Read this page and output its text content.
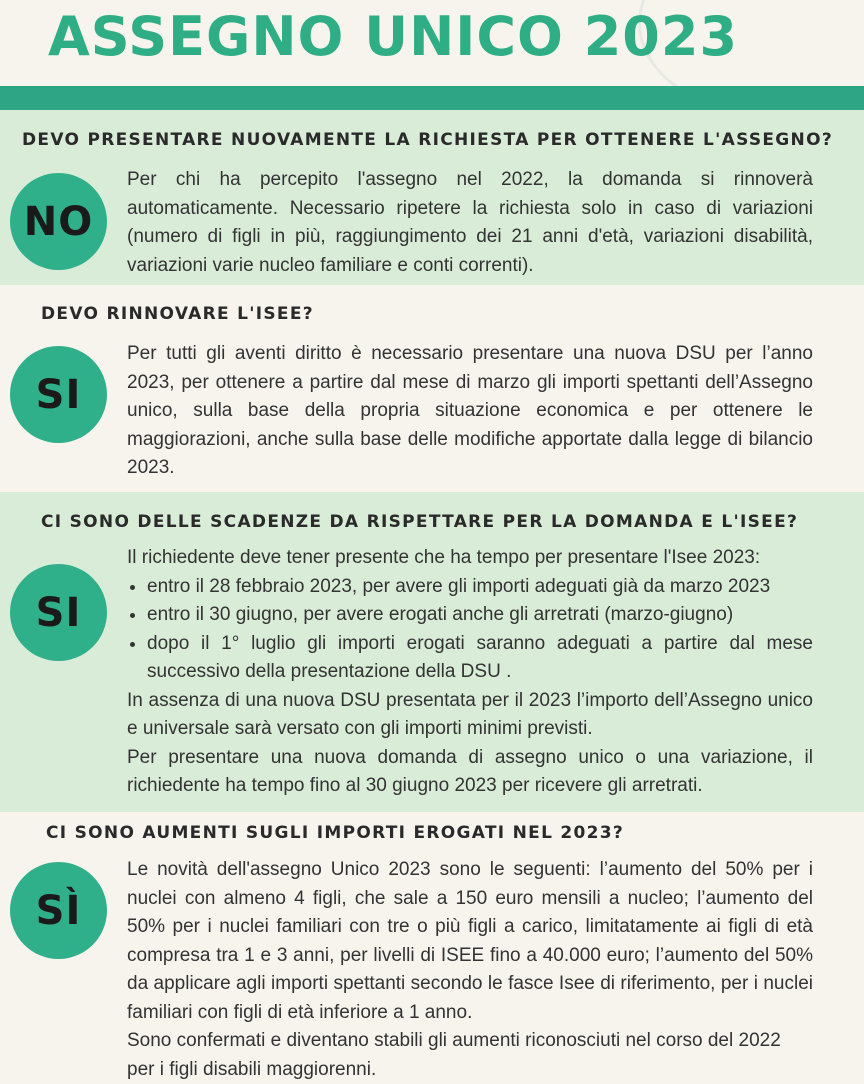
ASSEGNO UNICO 2023
DEVO PRESENTARE NUOVAMENTE LA RICHIESTA PER OTTENERE L'ASSEGNO?
NO

Per chi ha percepito l'assegno nel 2022, la domanda si rinnoverà automaticamente. Necessario ripetere la richiesta solo in caso di variazioni (numero di figli in più, raggiungimento dei 21 anni d'età, variazioni disabilità, variazioni varie nucleo familiare e conti correnti).

DEVO RINNOVARE L'ISEE?
SI

Per tutti gli aventi diritto è necessario presentare una nuova DSU per l’anno 2023, per ottenere a partire dal mese di marzo gli importi spettanti dell’Assegno unico, sulla base della propria situazione economica e per ottenere le maggiorazioni, anche sulla base delle modifiche apportate dalla legge di bilancio 2023.

CI SONO DELLE SCADENZE DA RISPETTARE PER LA DOMANDA E L'ISEE?
SI

Il richiedente deve tener presente che ha tempo per presentare l'Isee 2023:

• entro il 28 febbraio 2023, per avere gli importi adeguati già da marzo 2023
• entro il 30 giugno, per avere erogati anche gli arretrati (marzo-giugno)
• dopo il 1° luglio gli importi erogati saranno adeguati a partire dal mese successivo della presentazione della DSU .

In assenza di una nuova DSU presentata per il 2023 l’importo dell’Assegno unico e universale sarà versato con gli importi minimi previsti.

Per presentare una nuova domanda di assegno unico o una variazione, il richiedente ha tempo fino al 30 giugno 2023 per ricevere gli arretrati.

CI SONO AUMENTI SUGLI IMPORTI EROGATI NEL 2023?
SÌ

Le novità dell'assegno Unico 2023 sono le seguenti: l’aumento del 50% per i nuclei con almeno 4 figli, che sale a 150 euro mensili a nucleo; l’aumento del 50% per i nuclei familiari con tre o più figli a carico, limitatamente ai figli di età compresa tra 1 e 3 anni, per livelli di ISEE fino a 40.000 euro; l’aumento del 50% da applicare agli importi spettanti secondo le fasce Isee di riferimento, per i nuclei familiari con figli di età inferiore a 1 anno.

Sono confermati e diventano stabili gli aumenti riconosciuti nel corso del 2022 per i figli disabili maggiorenni.
